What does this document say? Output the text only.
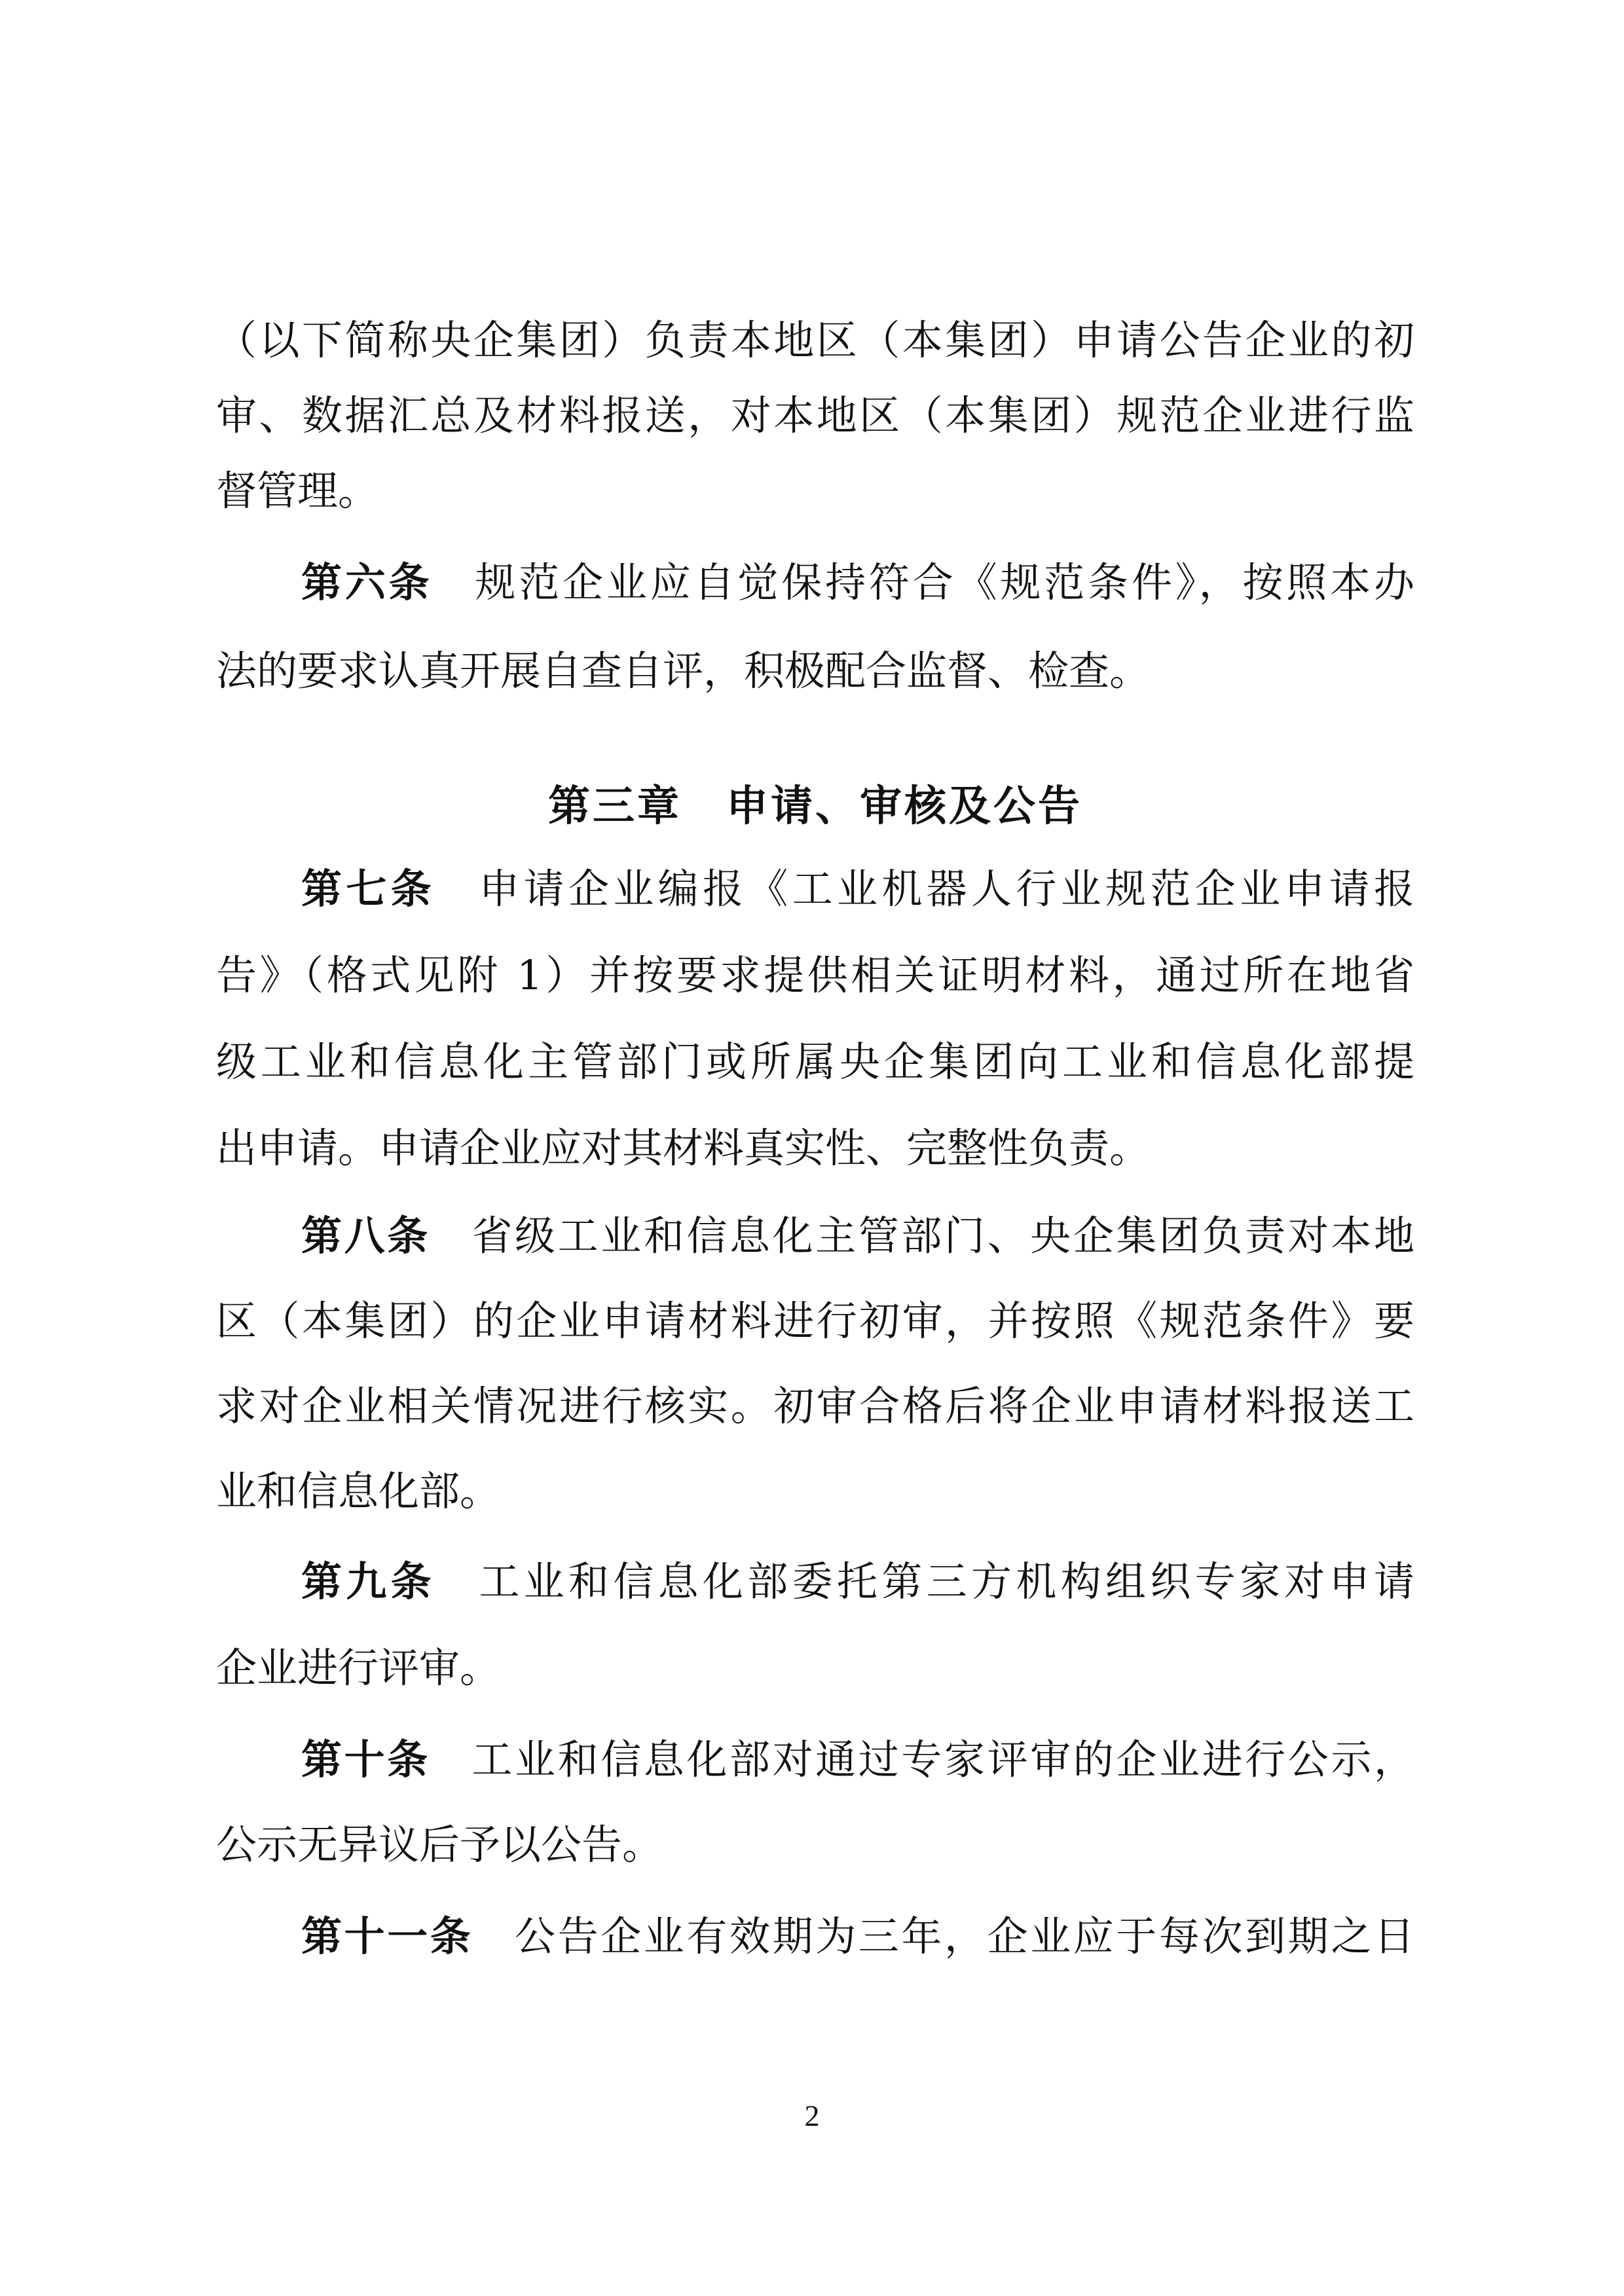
（以下简称央企集团）负责本地区（本集团）申请公告企业的初
审、数据汇总及材料报送，对本地区（本集团）规范企业进行监
督管理。
第六条 规范企业应自觉保持符合《规范条件》，按照本办
法的要求认真开展自查自评，积极配合监督、检查。
第三章　申请、审核及公告
第七条 申请企业编报《工业机器人行业规范企业申请报
告》（格式见附 1）并按要求提供相关证明材料，通过所在地省
级工业和信息化主管部门或所属央企集团向工业和信息化部提
出申请。申请企业应对其材料真实性、完整性负责。
第八条 省级工业和信息化主管部门、央企集团负责对本地
区（本集团）的企业申请材料进行初审，并按照《规范条件》要
求对企业相关情况进行核实。初审合格后将企业申请材料报送工
业和信息化部。
第九条 工业和信息化部委托第三方机构组织专家对申请
企业进行评审。
第十条 工业和信息化部对通过专家评审的企业进行公示，
公示无异议后予以公告。
第十一条 公告企业有效期为三年，企业应于每次到期之日
2
